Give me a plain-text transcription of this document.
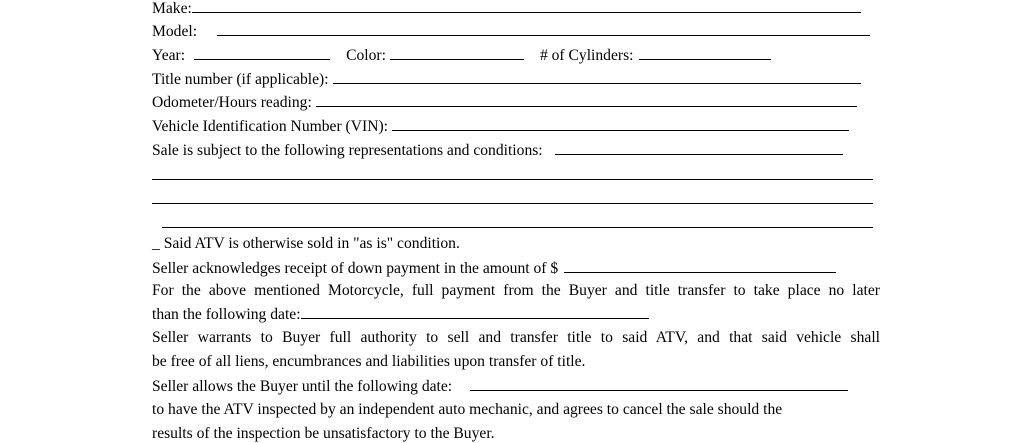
Make:
Model:
Year:	Color:	# of Cylinders:
Title number (if applicable):
Odometer/Hours reading:
Vehicle Identification Number (VIN):
Sale is subject to the following representations and conditions:
_ Said ATV is otherwise sold in "as is" condition.
Seller acknowledges receipt of down payment in the amount of $
For the above mentioned Motorcycle, full payment from the Buyer and title transfer to take place no later
than the following date:
Seller warrants to Buyer full authority to sell and transfer title to said ATV, and that said vehicle shall
be free of all liens, encumbrances and liabilities upon transfer of title.
Seller allows the Buyer until the following date:
to have the ATV inspected by an independent auto mechanic, and agrees to cancel the sale should the
results of the inspection be unsatisfactory to the Buyer.
